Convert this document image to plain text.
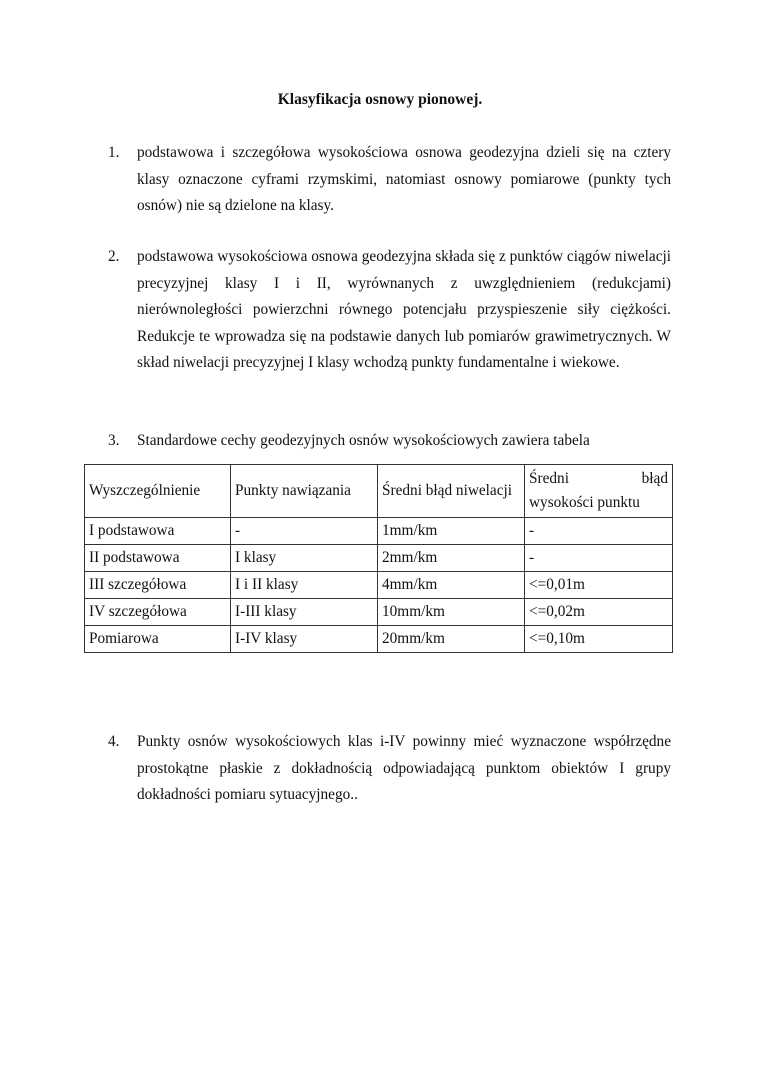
Klasyfikacja osnowy pionowej.
1. podstawowa i szczegółowa wysokościowa osnowa geodezyjna dzieli się na cztery klasy oznaczone cyframi rzymskimi, natomiast osnowy pomiarowe (punkty tych osnów) nie są dzielone na klasy.
2. podstawowa wysokościowa osnowa geodezyjna składa się z punktów ciągów niwelacji precyzyjnej klasy I i II, wyrównanych z uwzględnieniem (redukcjami) nierównoległości powierzchni równego potencjału przyspieszenie siły ciężkości. Redukcje te wprowadza się na podstawie danych lub pomiarów grawimetrycznych. W skład niwelacji precyzyjnej I klasy wchodzą punkty fundamentalne i wiekowe.
3. Standardowe cechy geodezyjnych osnów wysokościowych zawiera tabela
Wyszczególnienie	Punkty nawiązania	Średni błąd niwelacji	Średni błąd
wysokości punktu

I podstawowa	-	1mm/km	-
II podstawowa	I klasy	2mm/km	-
III szczegółowa	I i II klasy	4mm/km	<=0,01m
IV szczegółowa	I-III klasy	10mm/km	<=0,02m
Pomiarowa	I-IV klasy	20mm/km	<=0,10m
4. Punkty osnów wysokościowych klas i-IV powinny mieć wyznaczone współrzędne prostokątne płaskie z dokładnością odpowiadającą punktom obiektów I grupy dokładności pomiaru sytuacyjnego..
